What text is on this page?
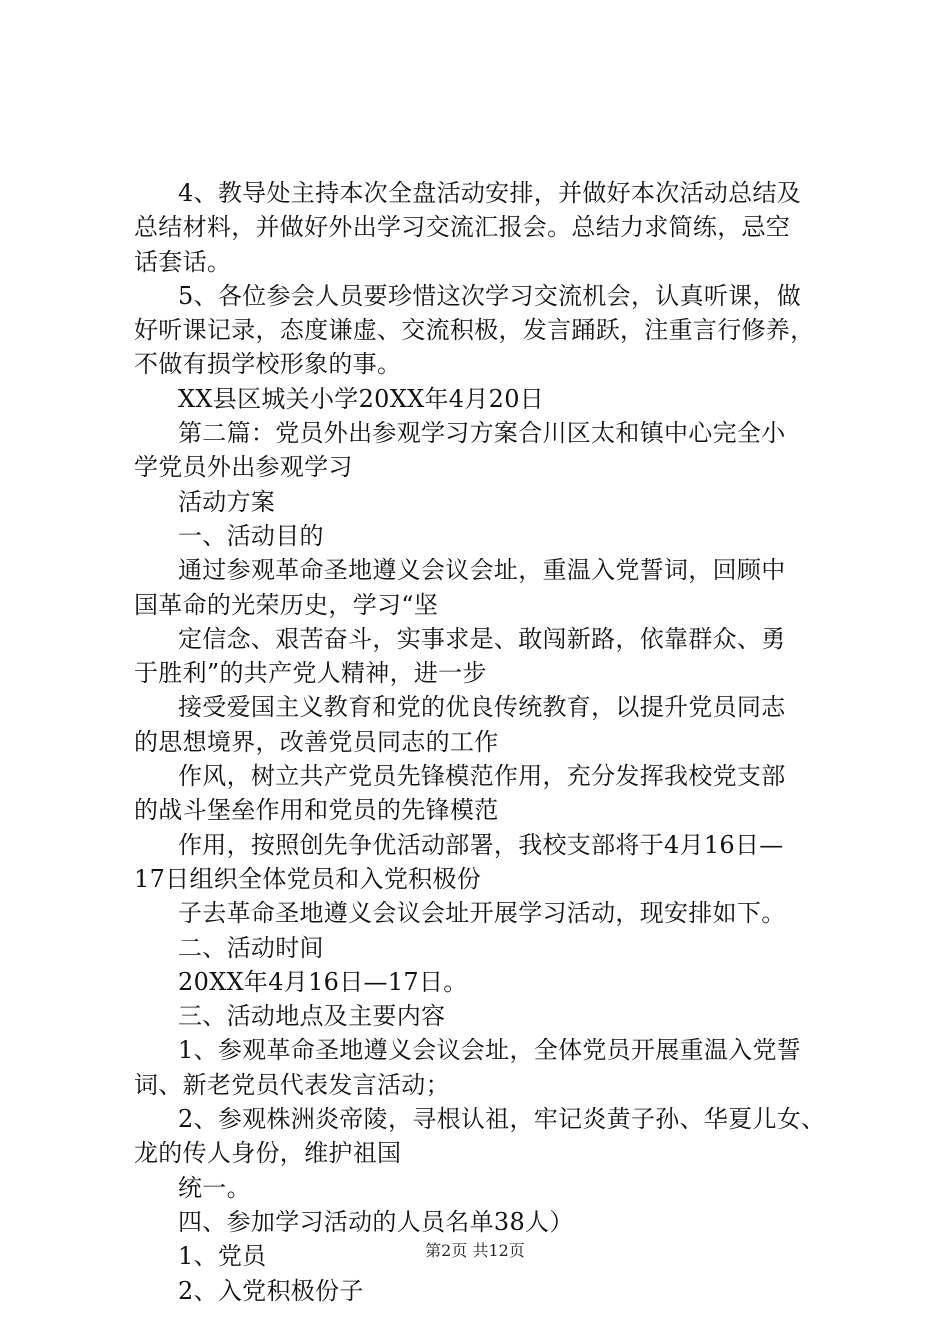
4、教导处主持本次全盘活动安排，并做好本次活动总结及
总结材料，并做好外出学习交流汇报会。总结力求简练，忌空
话套话。
5、各位参会人员要珍惜这次学习交流机会，认真听课，做
好听课记录，态度谦虚、交流积极，发言踊跃，注重言行修养，
不做有损学校形象的事。
XX县区城关小学20XX年4月20日
第二篇：党员外出参观学习方案合川区太和镇中心完全小
学党员外出参观学习
活动方案
一、活动目的
通过参观革命圣地遵义会议会址，重温入党誓词，回顾中
国革命的光荣历史，学习“坚
定信念、艰苦奋斗，实事求是、敢闯新路，依靠群众、勇
于胜利”的共产党人精神，进一步
接受爱国主义教育和党的优良传统教育，以提升党员同志
的思想境界，改善党员同志的工作
作风，树立共产党员先锋模范作用，充分发挥我校党支部
的战斗堡垒作用和党员的先锋模范
作用，按照创先争优活动部署，我校支部将于4月16日—
17日组织全体党员和入党积极份
子去革命圣地遵义会议会址开展学习活动，现安排如下。
二、活动时间
20XX年4月16日—17日。
三、活动地点及主要内容
1、参观革命圣地遵义会议会址，全体党员开展重温入党誓
词、新老党员代表发言活动；
2、参观株洲炎帝陵，寻根认祖，牢记炎黄子孙、华夏儿女、
龙的传人身份，维护祖国
统一。
四、参加学习活动的人员名单38人）
1、党员
2、入党积极份子
第2页 共12页
